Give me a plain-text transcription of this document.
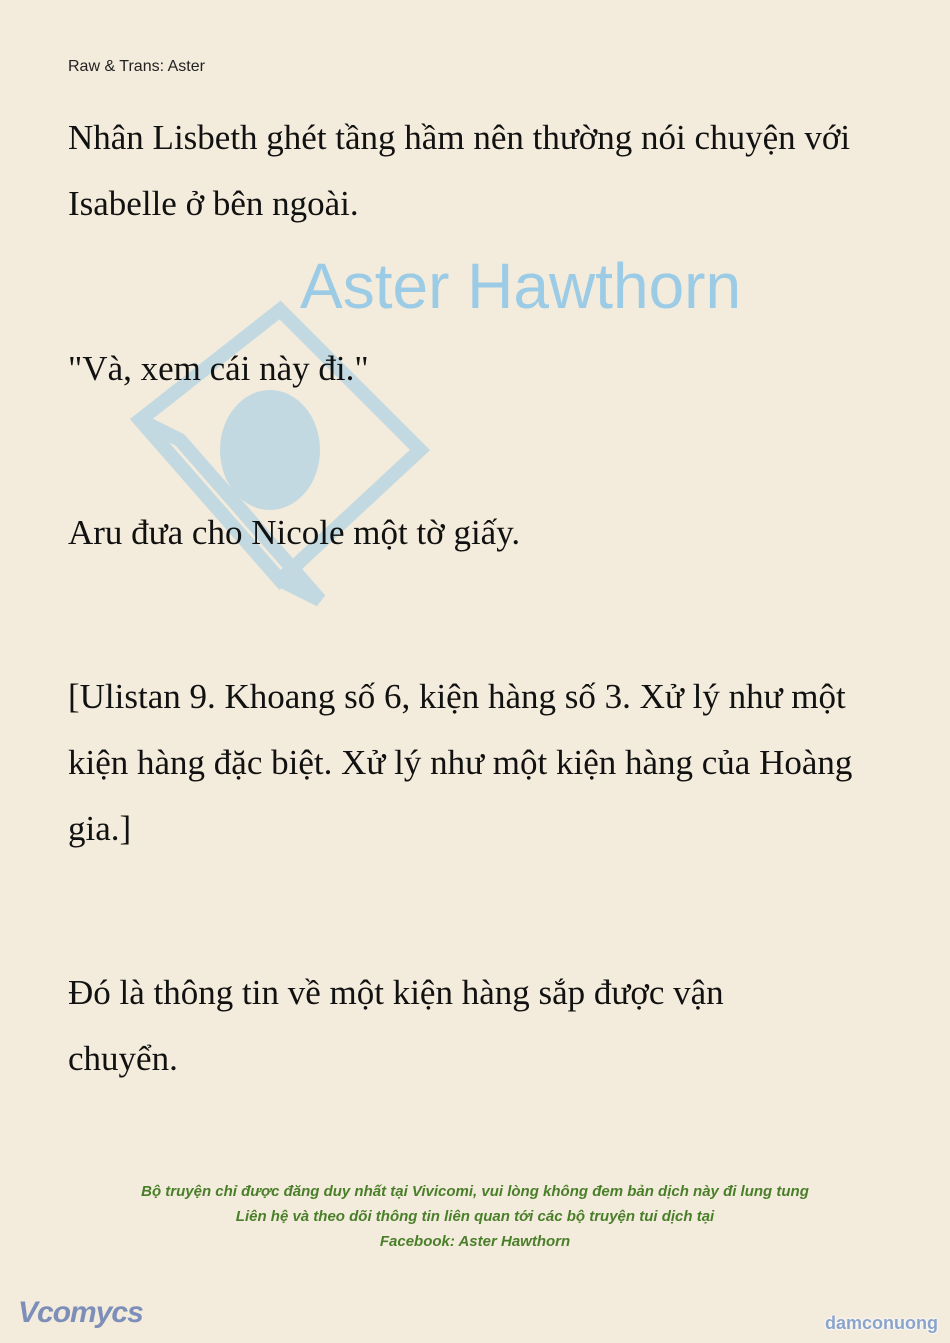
Aster Hawthorn
Raw & Trans: Aster

Nhân Lisbeth ghét tầng hầm nên thường nói chuyện với Isabelle ở bên ngoài.

"Và, xem cái này đi."

Aru đưa cho Nicole một tờ giấy.

[Ulistan 9. Khoang số 6, kiện hàng số 3. Xử lý như một kiện hàng đặc biệt. Xử lý như một kiện hàng của Hoàng gia.]

Đó là thông tin về một kiện hàng sắp được vận chuyển.

Bộ truyện chỉ được đăng duy nhất tại Vivicomi, vui lòng không đem bản dịch này đi lung tung
Liên hệ và theo dõi thông tin liên quan tới các bộ truyện tui dịch tại
Facebook: Aster Hawthorn
Vcomycs	damconuong
